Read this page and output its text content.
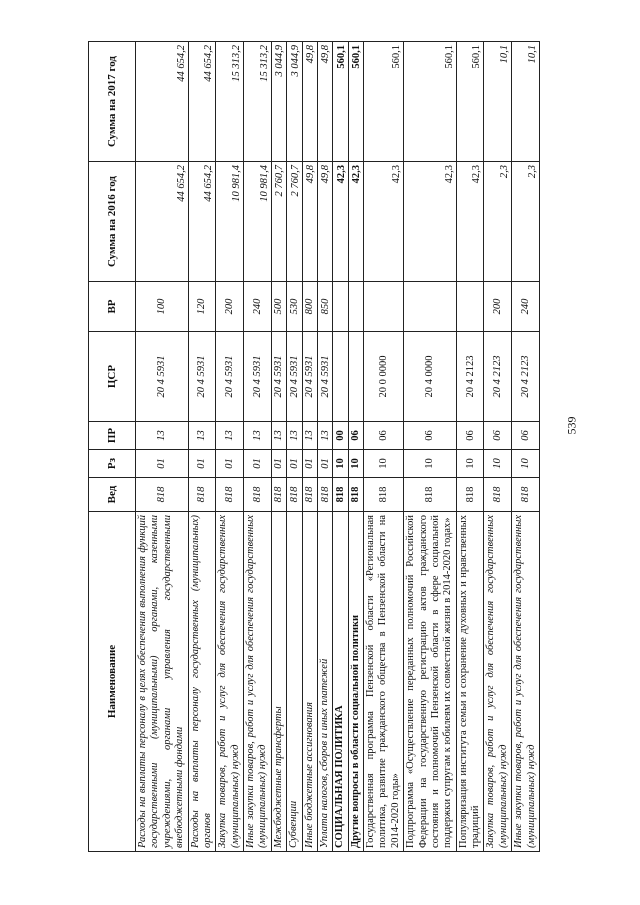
539
Наименование	Вед	Рз	ПР	ЦСР	ВР	Сумма на 2016 год	Сумма на 2017 год
Расходы на выплаты персоналу в целях обеспечения выполнения функций государственными (муниципальными) органами, казенными учреждениями, органами управления государственными внебюджетными фондами	818	01	13	20 4 5931	100	44 654,2	44 654,2
Расходы на выплаты персоналу государственных (муниципальных) органов	818	01	13	20 4 5931	120	44 654,2	44 654,2
Закупка товаров, работ и услуг для обеспечения государственных (муниципальных) нужд	818	01	13	20 4 5931	200	10 981,4	15 313,2
Иные закупки товаров, работ и услуг для обеспечения государственных (муниципальных) нужд	818	01	13	20 4 5931	240	10 981,4	15 313,2
Межбюджетные трансферты	818	01	13	20 4 5931	500	2 760,7	3 044,9
Субвенции	818	01	13	20 4 5931	530	2 760,7	3 044,9
Иные бюджетные ассигнования	818	01	13	20 4 5931	800	49,8	49,8
Уплата налогов, сборов и иных платежей	818	01	13	20 4 5931	850	49,8	49,8
СОЦИАЛЬНАЯ ПОЛИТИКА	818	10	00			42,3	560,1
Другие вопросы в области социальной политики	818	10	06			42,3	560,1
Государственная программа Пензенской области «Региональная политика, развитие гражданского общества в Пензенской области на 2014-2020 годы»	818	10	06	20 0 0000		42,3	560,1
Подпрограмма «Осуществление переданных полномочий Российской Федерации на государственную регистрацию актов гражданского состояния и полномочий Пензенской области в сфере социальной поддержки супругам к юбилеям их совместной жизни в 2014-2020 годах»	818	10	06	20 4 0000		42,3	560,1
Популяризация института семьи и сохранение духовных и нравственных традиций	818	10	06	20 4 2123		42,3	560,1
Закупка товаров, работ и услуг для обеспечения государственных (муниципальных) нужд	818	10	06	20 4 2123	200	2,3	10,1
Иные закупки товаров, работ и услуг для обеспечения государственных (муниципальных) нужд	818	10	06	20 4 2123	240	2,3	10,1
